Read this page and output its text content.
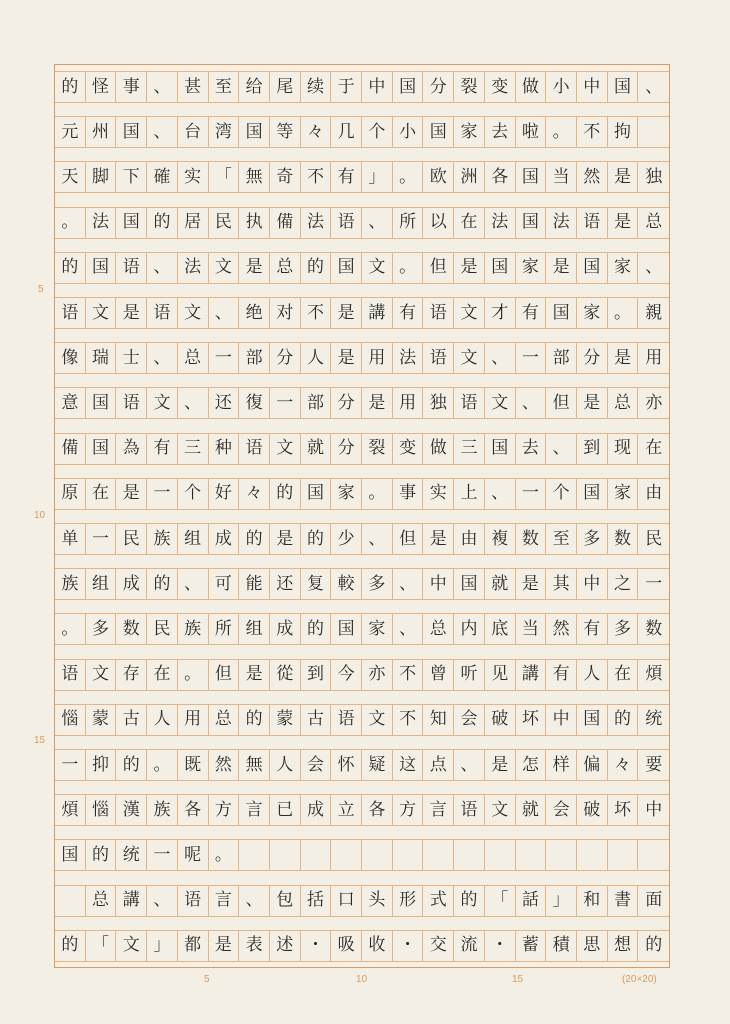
的 怪 事 、 甚 至 给 尾 续 于 中 国 分 裂 变 做 小 中 国 、
元 州 国 、 台 湾 国 等 々 几 个 小 国 家 去 啦 。 不 拘
天 脚 下 確 实 「 無 奇 不 有 」 。 欧 洲 各 国 当 然 是 独
。 法 国 的 居 民 执 備 法 语 、 所 以 在 法 国 法 语 是 总
的 国 语 、 法 文 是 总 的 国 文 。 但 是 国 家 是 国 家 、
语 文 是 语 文 、 绝 对 不 是 講 有 语 文 才 有 国 家 。 親
像 瑞 士 、 总 一 部 分 人 是 用 法 语 文 、 一 部 分 是 用
意 国 语 文 、 还 復 一 部 分 是 用 独 语 文 、 但 是 总 亦
備 国 為 有 三 种 语 文 就 分 裂 变 做 三 国 去 、 到 现 在
原 在 是 一 个 好 々 的 国 家 。 事 实 上 、 一 个 国 家 由
单 一 民 族 组 成 的 是 的 少 、 但 是 由 複 数 至 多 数 民
族 组 成 的 、 可 能 还 复 較 多 、 中 国 就 是 其 中 之 一
。 多 数 民 族 所 组 成 的 国 家 、 总 内 底 当 然 有 多 数
语 文 存 在 。 但 是 從 到 今 亦 不 曾 听 见 講 有 人 在 煩
惱 蒙 古 人 用 总 的 蒙 古 语 文 不 知 会 破 坏 中 国 的 统
一 抑 的 。 既 然 無 人 会 怀 疑 这 点 、 是 怎 样 偏 々 要
煩 惱 漢 族 各 方 言 已 成 立 各 方 言 语 文 就 会 破 坏 中
国 的 统 一 呢 。
总 講 、 语 言 、 包 括 口 头 形 式 的 「 話 」 和 書 面
的 「 文 」 都 是 表 述 ・ 吸 收 ・ 交 流 ・ 蓄 積 思 想 的
5
10
15
5	10	15	(20×20)
